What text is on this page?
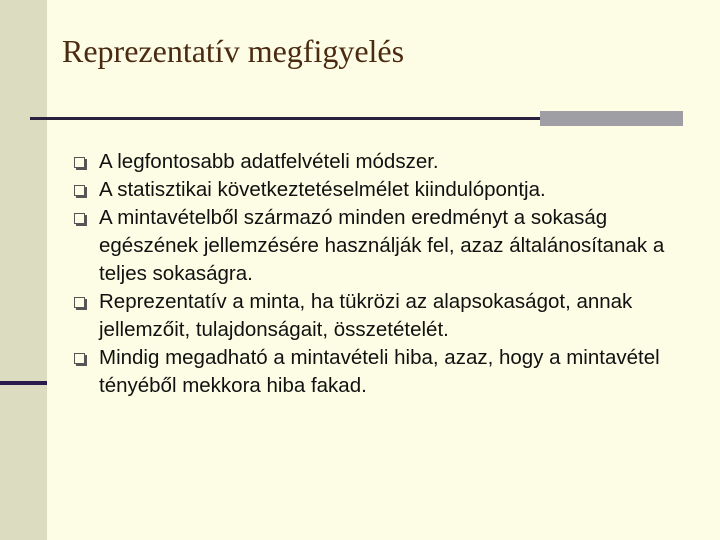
Reprezentatív megfigyelés
A legfontosabb adatfelvételi módszer.
A statisztikai következtetéselmélet kiindulópontja.
A mintavételből származó minden eredményt a sokaság egészének jellemzésére használják fel, azaz általánosítanak a teljes sokaságra.
Reprezentatív a minta, ha tükrözi az alapsokaságot, annak jellemzőit, tulajdonságait, összetételét.
Mindig megadható a mintavételi hiba, azaz, hogy a mintavétel tényéből mekkora hiba fakad.
